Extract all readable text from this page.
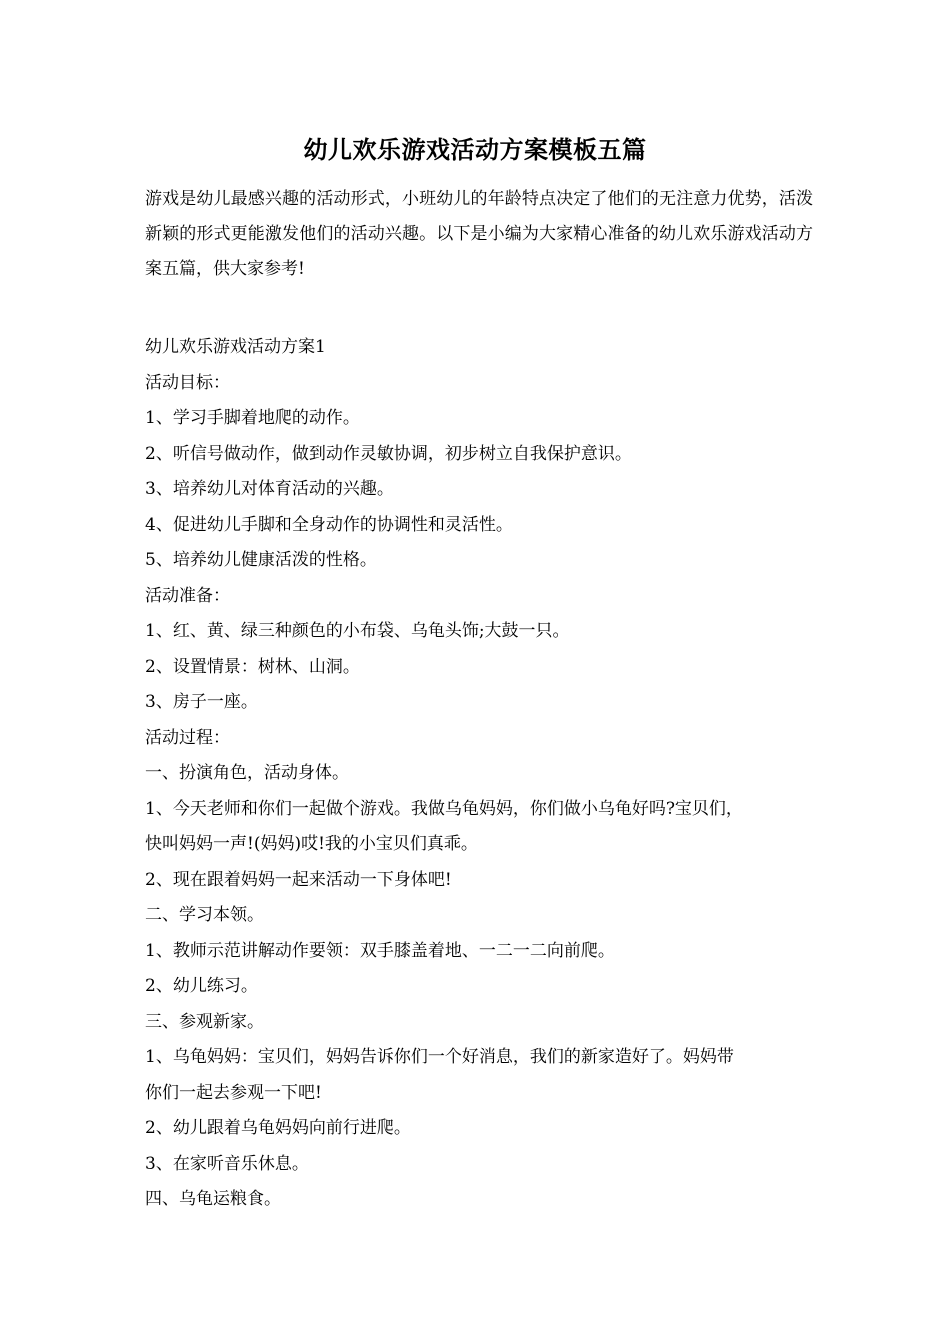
幼儿欢乐游戏活动方案模板五篇

游戏是幼儿最感兴趣的活动形式，小班幼儿的年龄特点决定了他们的无注意力优势，活泼新颖的形式更能激发他们的活动兴趣。以下是小编为大家精心准备的幼儿欢乐游戏活动方案五篇，供大家参考!

幼儿欢乐游戏活动方案1
活动目标：
1、学习手脚着地爬的动作。
2、听信号做动作，做到动作灵敏协调，初步树立自我保护意识。
3、培养幼儿对体育活动的兴趣。
4、促进幼儿手脚和全身动作的协调性和灵活性。
5、培养幼儿健康活泼的性格。
活动准备：
1、红、黄、绿三种颜色的小布袋、乌龟头饰;大鼓一只。
2、设置情景：树林、山洞。
3、房子一座。
活动过程：
一、扮演角色，活动身体。
1、今天老师和你们一起做个游戏。我做乌龟妈妈，你们做小乌龟好吗?宝贝们，
快叫妈妈一声!(妈妈)哎!我的小宝贝们真乖。
2、现在跟着妈妈一起来活动一下身体吧!
二、学习本领。
1、教师示范讲解动作要领：双手膝盖着地、一二一二向前爬。
2、幼儿练习。
三、参观新家。
1、乌龟妈妈：宝贝们，妈妈告诉你们一个好消息，我们的新家造好了。妈妈带
你们一起去参观一下吧!
2、幼儿跟着乌龟妈妈向前行进爬。
3、在家听音乐休息。
四、乌龟运粮食。
